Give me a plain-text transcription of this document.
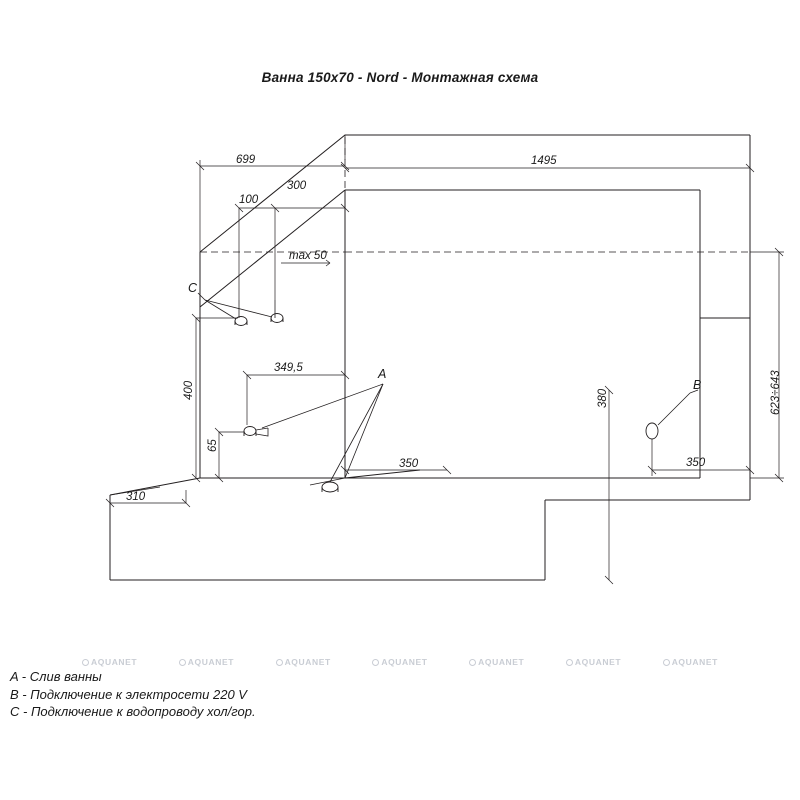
Ванна 150x70 - Nord - Монтажная схема
699
100
300
max 50
1495
623÷643
C
400
65
349,5	A
350
310
B
380
350
AQUANET	AQUANET	AQUANET	AQUANET	AQUANET	AQUANET	AQUANET
A - Слив ванны
B - Подключение к электросети 220 V
C - Подключение к водопроводу хол/гор.
